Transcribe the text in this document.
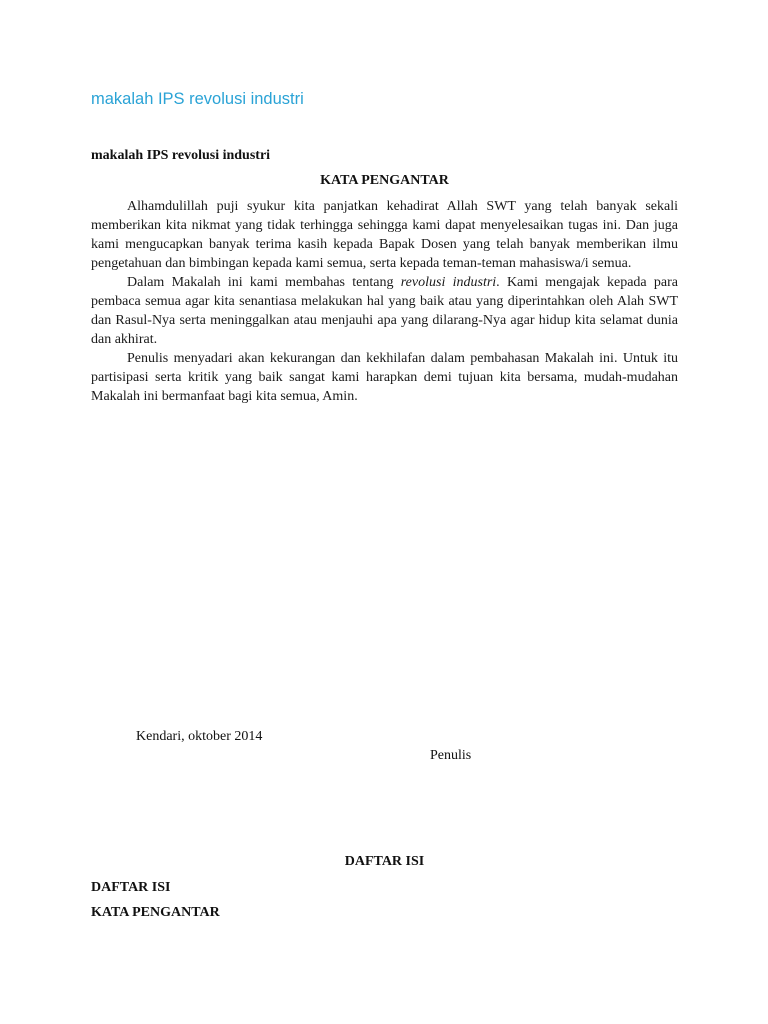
makalah IPS revolusi industri
makalah IPS revolusi industri
KATA PENGANTAR

Alhamdulillah puji syukur kita panjatkan kehadirat Allah SWT yang telah banyak sekali memberikan kita nikmat yang tidak terhingga sehingga kami dapat menyelesaikan tugas ini. Dan juga kami mengucapkan banyak terima kasih kepada Bapak Dosen yang telah banyak memberikan ilmu pengetahuan dan bimbingan kepada kami semua, serta kepada teman-teman mahasiswa/i semua.

Dalam Makalah ini kami membahas tentang revolusi industri. Kami mengajak kepada para pembaca semua agar kita senantiasa melakukan hal yang baik atau yang diperintahkan oleh Alah SWT dan Rasul-Nya serta meninggalkan atau menjauhi apa yang dilarang-Nya agar hidup kita selamat dunia dan akhirat.

Penulis menyadari akan kekurangan dan kekhilafan dalam pembahasan Makalah ini. Untuk itu partisipasi serta kritik yang baik sangat kami harapkan demi tujuan kita bersama, mudah-mudahan Makalah ini bermanfaat bagi kita semua, Amin.

Kendari, oktober 2014
Penulis
DAFTAR ISI
DAFTAR ISI
KATA PENGANTAR
